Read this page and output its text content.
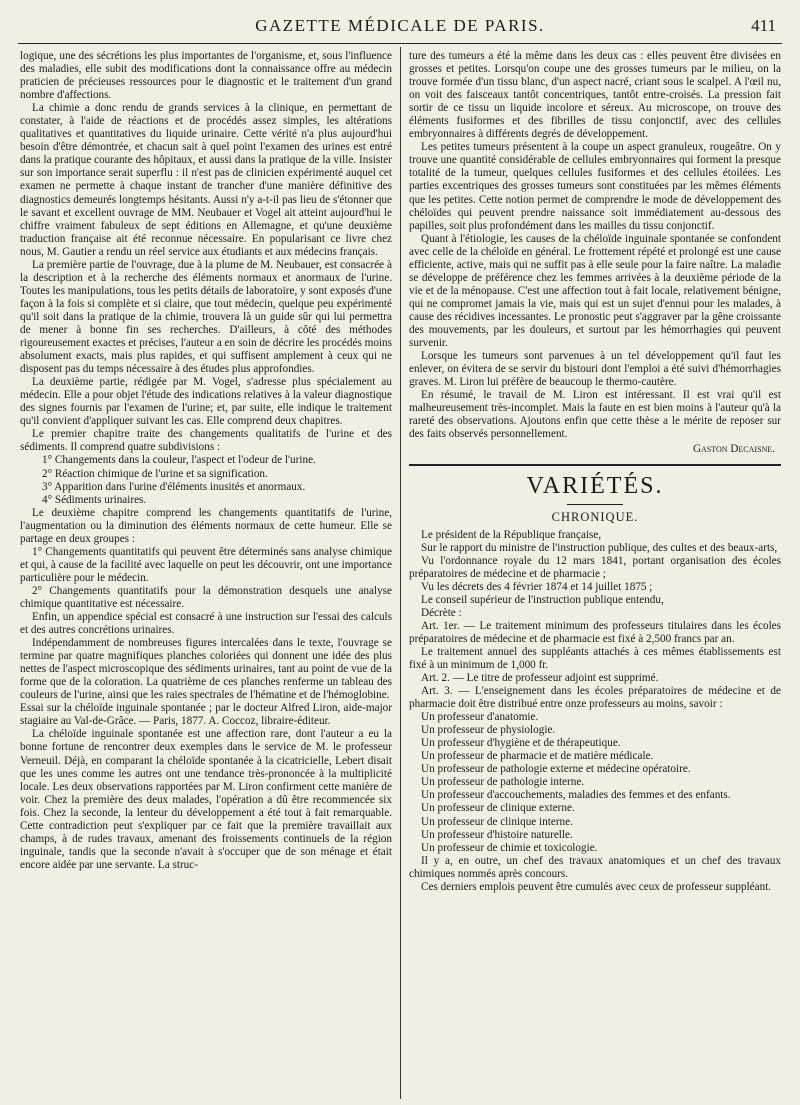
GAZETTE MÉDICALE DE PARIS.	411

logique, une des sécrétions les plus importantes de l'organisme, et, sous l'influence des maladies, elle subit des modifications dont la connaissance offre au médecin praticien de précieuses ressources pour le diagnostic et le traitement d'un grand nombre d'affections.

La chimie a donc rendu de grands services à la clinique, en permettant de constater, à l'aide de réactions et de procédés assez simples, les altérations qualitatives et quantitatives du liquide urinaire. Cette vérité n'a plus aujourd'hui besoin d'être démontrée, et chacun sait à quel point l'examen des urines est entré dans la pratique courante des hôpitaux, et aussi dans la pratique de la ville. Insister sur son importance serait superflu : il n'est pas de clinicien expérimenté auquel cet examen ne permette à chaque instant de trancher d'une manière définitive des diagnostics demeurés longtemps hésitants. Aussi n'y a-t-il pas lieu de s'étonner que le savant et excellent ouvrage de MM. Neubauer et Vogel ait atteint aujourd'hui le chiffre vraiment fabuleux de sept éditions en Allemagne, et qu'une deuxième traduction française ait été reconnue nécessaire. En popularisant ce livre chez nous, M. Gautier a rendu un réel service aux étudiants et aux médecins français.

La première partie de l'ouvrage, due à la plume de M. Neubauer, est consacrée à la description et à la recherche des éléments normaux et anormaux de l'urine. Toutes les manipulations, tous les petits détails de laboratoire, y sont exposés d'une façon à la fois si complète et si claire, que tout médecin, quelque peu expérimenté qu'il soit dans la pratique de la chimie, trouvera là un guide sûr qui lui permettra de mener à bonne fin ses recherches. D'ailleurs, à côté des méthodes rigoureusement exactes et précises, l'auteur a en soin de décrire les procédés moins absolument exacts, mais plus rapides, et qui suffisent amplement à ceux qui ne disposent pas du temps nécessaire à des études plus approfondies.

La deuxième partie, rédigée par M. Vogel, s'adresse plus spécialement au médecin. Elle a pour objet l'étude des indications relatives à la valeur diagnostique des signes fournis par l'examen de l'urine; et, par suite, elle indique le traitement qu'il convient d'appliquer suivant les cas. Elle comprend deux chapitres.

Le premier chapitre traite des changements qualitatifs de l'urine et des sédiments. Il comprend quatre subdivisions :

1° Changements dans la couleur, l'aspect et l'odeur de l'urine.

2° Réaction chimique de l'urine et sa signification.

3° Apparition dans l'urine d'éléments inusités et anormaux.

4° Sédiments urinaires.

Le deuxième chapitre comprend les changements quantitatifs de l'urine, l'augmentation ou la diminution des éléments normaux de cette humeur. Elle se partage en deux groupes :

1° Changements quantitatifs qui peuvent être déterminés sans analyse chimique et qui, à cause de la facilité avec laquelle on peut les découvrir, ont une importance particulière pour le médecin.

2° Changements quantitatifs pour la démonstration desquels une analyse chimique quantitative est nécessaire.

Enfin, un appendice spécial est consacré à une instruction sur l'essai des calculs et des autres concrétions urinaires.

Indépendamment de nombreuses figures intercalées dans le texte, l'ouvrage se termine par quatre magnifiques planches coloriées qui donnent une idée des plus nettes de l'aspect microscopique des sédiments urinaires, tant au point de vue de la forme que de la coloration. La quatrième de ces planches renferme un tableau des couleurs de l'urine, ainsi que les raies spectrales de l'hématine et de l'hémoglobine.

Essai sur la chéloïde inguinale spontanée ; par le docteur Alfred Liron, aide-major stagiaire au Val-de-Grâce. — Paris, 1877. A. Coccoz, libraire-éditeur.

La chéloïde inguinale spontanée est une affection rare, dont l'auteur a eu la bonne fortune de rencontrer deux exemples dans le service de M. le professeur Verneuil. Déjà, en comparant la chéloïde spontanée à la cicatricielle, Lebert disait que les unes comme les autres ont une tendance très-prononcée à la multiplicité locale. Les deux observations rapportées par M. Liron confirment cette manière de voir. Chez la première des deux malades, l'opération a dû être recommencée six fois. Chez la seconde, la lenteur du développement a été tout à fait remarquable. Cette contradiction peut s'expliquer par ce fait que la première travaillait aux champs, à de rudes travaux, amenant des froissements continuels de la région inguinale, tandis que la seconde n'avait à s'occuper que de son ménage et était encore aidée par une servante. La struc-

ture des tumeurs a été la même dans les deux cas : elles peuvent être divisées en grosses et petites. Lorsqu'on coupe une des grosses tumeurs par le milieu, on la trouve formée d'un tissu blanc, d'un aspect nacré, criant sous le scalpel. A l'œil nu, on voit des faisceaux tantôt concentriques, tantôt entre-croisés. La pression fait sortir de ce tissu un liquide incolore et séreux. Au microscope, on trouve des éléments fusiformes et des fibrilles de tissu conjonctif, avec des cellules embryonnaires à différents degrés de développement.

Les petites tumeurs présentent à la coupe un aspect granuleux, rougeâtre. On y trouve une quantité considérable de cellules embryonnaires qui forment la presque totalité de la tumeur, quelques cellules fusiformes et des cellules étoilées. Les parties excentriques des grosses tumeurs sont constituées par les mêmes éléments que les petites. Cette notion permet de comprendre le mode de développement des chéloïdes qui peuvent prendre naissance soit immédiatement au-dessous des papilles, soit plus profondément dans les mailles du tissu conjonctif.

Quant à l'étiologie, les causes de la chéloïde inguinale spontanée se confondent avec celle de la chéloïde en général. Le frottement répété et prolongé est une cause efficiente, active, mais qui ne suffit pas à elle seule pour la faire naître. La maladie se développe de préférence chez les femmes arrivées à la deuxième période de la vie et de la ménopause. C'est une affection tout à fait locale, relativement bénigne, qui ne compromet jamais la vie, mais qui est un sujet d'ennui pour les malades, à cause des récidives incessantes. Le pronostic peut s'aggraver par la gêne croissante des mouvements, par les douleurs, et surtout par les hémorrhagies qui peuvent survenir.

Lorsque les tumeurs sont parvenues à un tel développement qu'il faut les enlever, on évitera de se servir du bistouri dont l'emploi a été suivi d'hémorrhagies graves. M. Liron lui préfère de beaucoup le thermo-cautère.

En résumé, le travail de M. Liron est intéressant. Il est vrai qu'il est malheureusement très-incomplet. Mais la faute en est bien moins à l'auteur qu'à la rareté des observations. Ajoutons enfin que cette thèse a le mérite de reposer sur des faits observés personnellement.

Gaston Decaisne.
VARIÉTÉS.
CHRONIQUE.

Le président de la République française,

Sur le rapport du ministre de l'instruction publique, des cultes et des beaux-arts,

Vu l'ordonnance royale du 12 mars 1841, portant organisation des écoles préparatoires de médecine et de pharmacie ;

Vu les décrets des 4 février 1874 et 14 juillet 1875 ;

Le conseil supérieur de l'instruction publique entendu,

Décrète :

Art. 1er. — Le traitement minimum des professeurs titulaires dans les écoles préparatoires de médecine et de pharmacie est fixé à 2,500 francs par an.

Le traitement annuel des suppléants attachés à ces mêmes établissements est fixé à un minimum de 1,000 fr.

Art. 2. — Le titre de professeur adjoint est supprimé.

Art. 3. — L'enseignement dans les écoles préparatoires de médecine et de pharmacie doit être distribué entre onze professeurs au moins, savoir :

Un professeur d'anatomie.

Un professeur de physiologie.

Un professeur d'hygiène et de thérapeutique.

Un professeur de pharmacie et de matière médicale.

Un professeur de pathologie externe et médecine opératoire.

Un professeur de pathologie interne.

Un professeur d'accouchements, maladies des femmes et des enfants.

Un professeur de clinique externe.

Un professeur de clinique interne.

Un professeur d'histoire naturelle.

Un professeur de chimie et toxicologie.

Il y a, en outre, un chef des travaux anatomiques et un chef des travaux chimiques nommés après concours.

Ces derniers emplois peuvent être cumulés avec ceux de professeur suppléant.
